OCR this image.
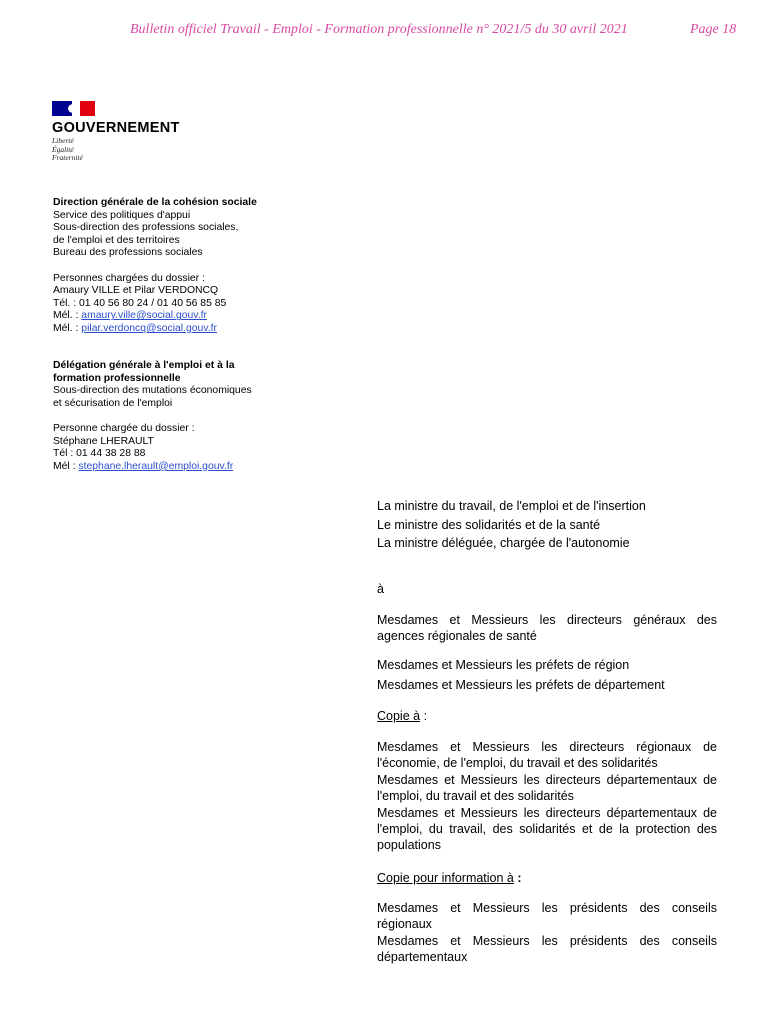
Bulletin officiel Travail - Emploi - Formation professionnelle n° 2021/5 du 30 avril 2021	Page 18
GOUVERNEMENT
Liberté
Égalité
Fraternité
Direction générale de la cohésion sociale
Service des politiques d'appui
Sous-direction des professions sociales,
de l'emploi et des territoires
Bureau des professions sociales
Personnes chargées du dossier :
Amaury VILLE et Pilar VERDONCQ
Tél. : 01 40 56 80 24 / 01 40 56 85 85
Mél. : amaury.ville@social.gouv.fr
Mél. : pilar.verdoncq@social.gouv.fr
Délégation générale à l'emploi et à la
formation professionnelle
Sous-direction des mutations économiques
et sécurisation de l'emploi
Personne chargée du dossier :
Stéphane LHERAULT
Tél : 01 44 38 28 88
Mél : stephane.lherault@emploi.gouv.fr

La ministre du travail, de l'emploi et de l'insertion

Le ministre des solidarités et de la santé

La ministre déléguée, chargée de l'autonomie

à
Mesdames et Messieurs les directeurs généraux des agences régionales de santé

Mesdames et Messieurs les préfets de région

Mesdames et Messieurs les préfets de département

Copie à :

Mesdames et Messieurs les directeurs régionaux de l'économie, de l'emploi, du travail et des solidarités

Mesdames et Messieurs les directeurs départementaux de l'emploi, du travail et des solidarités

Mesdames et Messieurs les directeurs départementaux de l'emploi, du travail, des solidarités et de la protection des populations

Copie pour information à :

Mesdames et Messieurs les présidents des conseils régionaux

Mesdames et Messieurs les présidents des conseils départementaux
